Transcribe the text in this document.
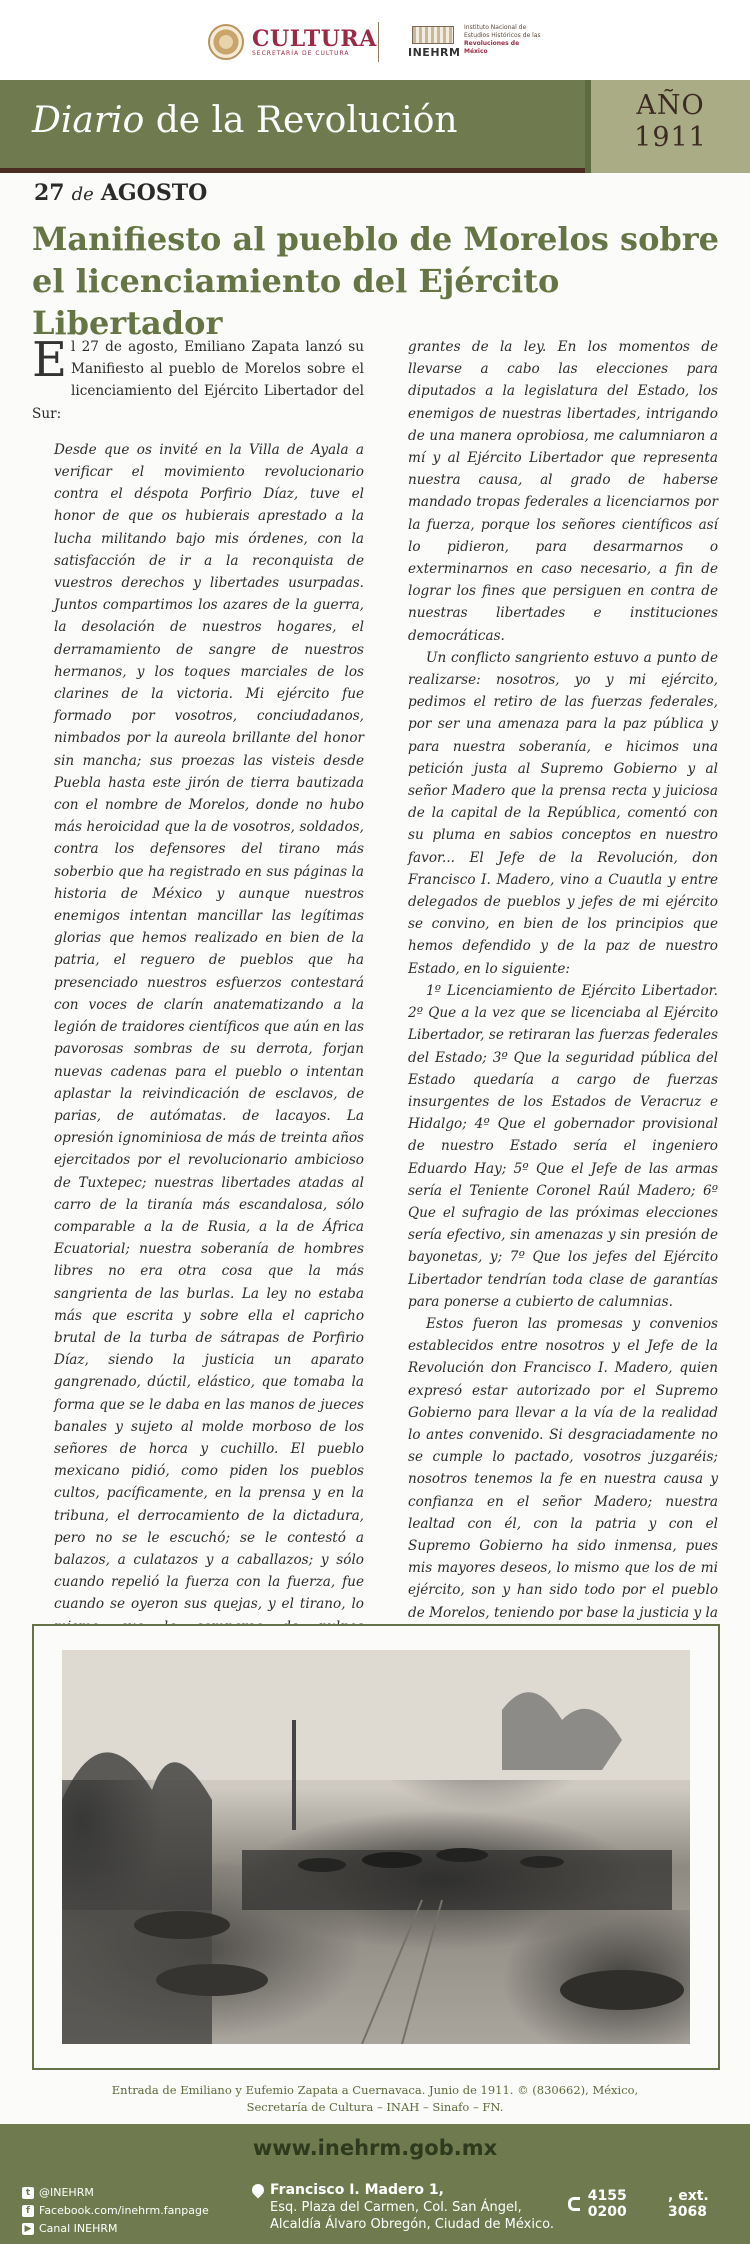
CULTURA
SECRETARÍA DE CULTURA	INEHRM
Instituto Nacional de
Estudios Históricos de las
Revoluciones de México
Diario de la Revolución	AÑO
1911
27 de AGOSTO
Manifiesto al pueblo de Morelos sobre el licenciamiento del Ejército Libertador

El 27 de agosto, Emiliano Zapata lanzó su Manifiesto al pueblo de Morelos sobre el licenciamiento del Ejército Libertador del Sur:

Desde que os invité en la Villa de Ayala a verificar el movimiento revolucionario contra el déspota Porfirio Díaz, tuve el honor de que os hubierais aprestado a la lucha militando bajo mis órdenes, con la satisfacción de ir a la reconquista de vuestros derechos y libertades usurpadas. Juntos compartimos los azares de la guerra, la desolación de nuestros hogares, el derramamiento de sangre de nuestros hermanos, y los toques marciales de los clarines de la victoria. Mi ejército fue formado por vosotros, conciudadanos, nimbados por la aureola brillante del honor sin mancha; sus proezas las visteis desde Puebla hasta este jirón de tierra bautizada con el nombre de Morelos, donde no hubo más heroicidad que la de vosotros, soldados, contra los defensores del tirano más soberbio que ha registrado en sus páginas la historia de México y aunque nuestros enemigos intentan mancillar las legítimas glorias que hemos realizado en bien de la patria, el reguero de pueblos que ha presenciado nuestros esfuerzos contestará con voces de clarín anatematizando a la legión de traidores científicos que aún en las pavorosas sombras de su derrota, forjan nuevas cadenas para el pueblo o intentan aplastar la reivindicación de esclavos, de parias, de autómatas. de lacayos. La opresión ignominiosa de más de treinta años ejercitados por el revolucionario ambicioso de Tuxtepec; nuestras libertades atadas al carro de la tiranía más escandalosa, sólo comparable a la de Rusia, a la de África Ecuatorial; nuestra soberanía de hombres libres no era otra cosa que la más sangrienta de las burlas. La ley no estaba más que escrita y sobre ella el capricho brutal de la turba de sátrapas de Porfirio Díaz, siendo la justicia un aparato gangrenado, dúctil, elástico, que tomaba la forma que se le daba en las manos de jueces banales y sujeto al molde morboso de los señores de horca y cuchillo. El pueblo mexicano pidió, como piden los pueblos cultos, pacíficamente, en la prensa y en la tribuna, el derrocamiento de la dictadura, pero no se le escuchó; se le contestó a balazos, a culatazos y a caballazos; y sólo cuando repelió la fuerza con la fuerza, fue cuando se oyeron sus quejas, y el tirano, lo

grantes de la ley. En los momentos de llevarse a cabo las elecciones para diputados a la legislatura del Estado, los enemigos de nuestras libertades, intrigando de una manera oprobiosa, me calumniaron a mí y al Ejército Libertador que representa nuestra causa, al grado de haberse mandado tropas federales a licenciarnos por la fuerza, porque los señores científicos así lo pidieron, para desarmarnos o exterminarnos en caso necesario, a fin de lograr los fines que persiguen en contra de nuestras libertades e instituciones democráticas.

Un conflicto sangriento estuvo a punto de realizarse: nosotros, yo y mi ejército, pedimos el retiro de las fuerzas federales, por ser una amenaza para la paz pública y para nuestra soberanía, e hicimos una petición justa al Supremo Gobierno y al señor Madero que la prensa recta y juiciosa de la capital de la República, comentó con su pluma en sabios conceptos en nuestro favor... El Jefe de la Revolución, don Francisco I. Madero, vino a Cuautla y entre delegados de pueblos y jefes de mi ejército se convino, en bien de los principios que hemos defendido y de la paz de nuestro Estado, en lo siguiente:

1º Licenciamiento de Ejército Libertador. 2º Que a la vez que se licenciaba al Ejército Libertador, se retiraran las fuerzas federales del Estado; 3º Que la seguridad pública del Estado quedaría a cargo de fuerzas insurgentes de los Estados de Veracruz e Hidalgo; 4º Que el gobernador provisional de nuestro Estado sería el ingeniero Eduardo Hay; 5º Que el Jefe de las armas sería el Teniente Coronel Raúl Madero; 6º Que el sufragio de las próximas elecciones sería efectivo, sin amenazas y sin presión de bayonetas, y; 7º Que los jefes del Ejército Libertador tendrían toda clase de garantías para ponerse a cubierto de calumnias.

Estos fueron las promesas y convenios establecidos entre nosotros y el Jefe de la Revolución don Francisco I. Madero, quien expresó estar autorizado por el Supremo Gobierno para llevar a la vía de la realidad lo antes convenido. Si desgraciadamente no se cumple lo pactado, vosotros juzgaréis; nosotros tenemos la fe en nuestra causa y confianza en el señor Madero; nuestra lealtad con él, con la patria y con el Supremo Gobierno ha sido inmensa, pues mis mayores deseos, lo mismo que los de mi ejército, son y han sido todo por el pueblo de Morelos, teniendo por base la justicia y la

Entrada de Emiliano y Eufemio Zapata a Cuernavaca. Junio de 1911. © (830662), México,
Secretaría de Cultura – INAH – Sinafo – FN.
www.inehrm.gob.mx
t @INEHRM
f Facebook.com/inehrm.fanpage
▶ Canal INEHRM
Francisco I. Madero 1,
Esq. Plaza del Carmen, Col. San Ángel,
Alcaldía Álvaro Obregón, Ciudad de México.
4155 0200
, ext. 3068
